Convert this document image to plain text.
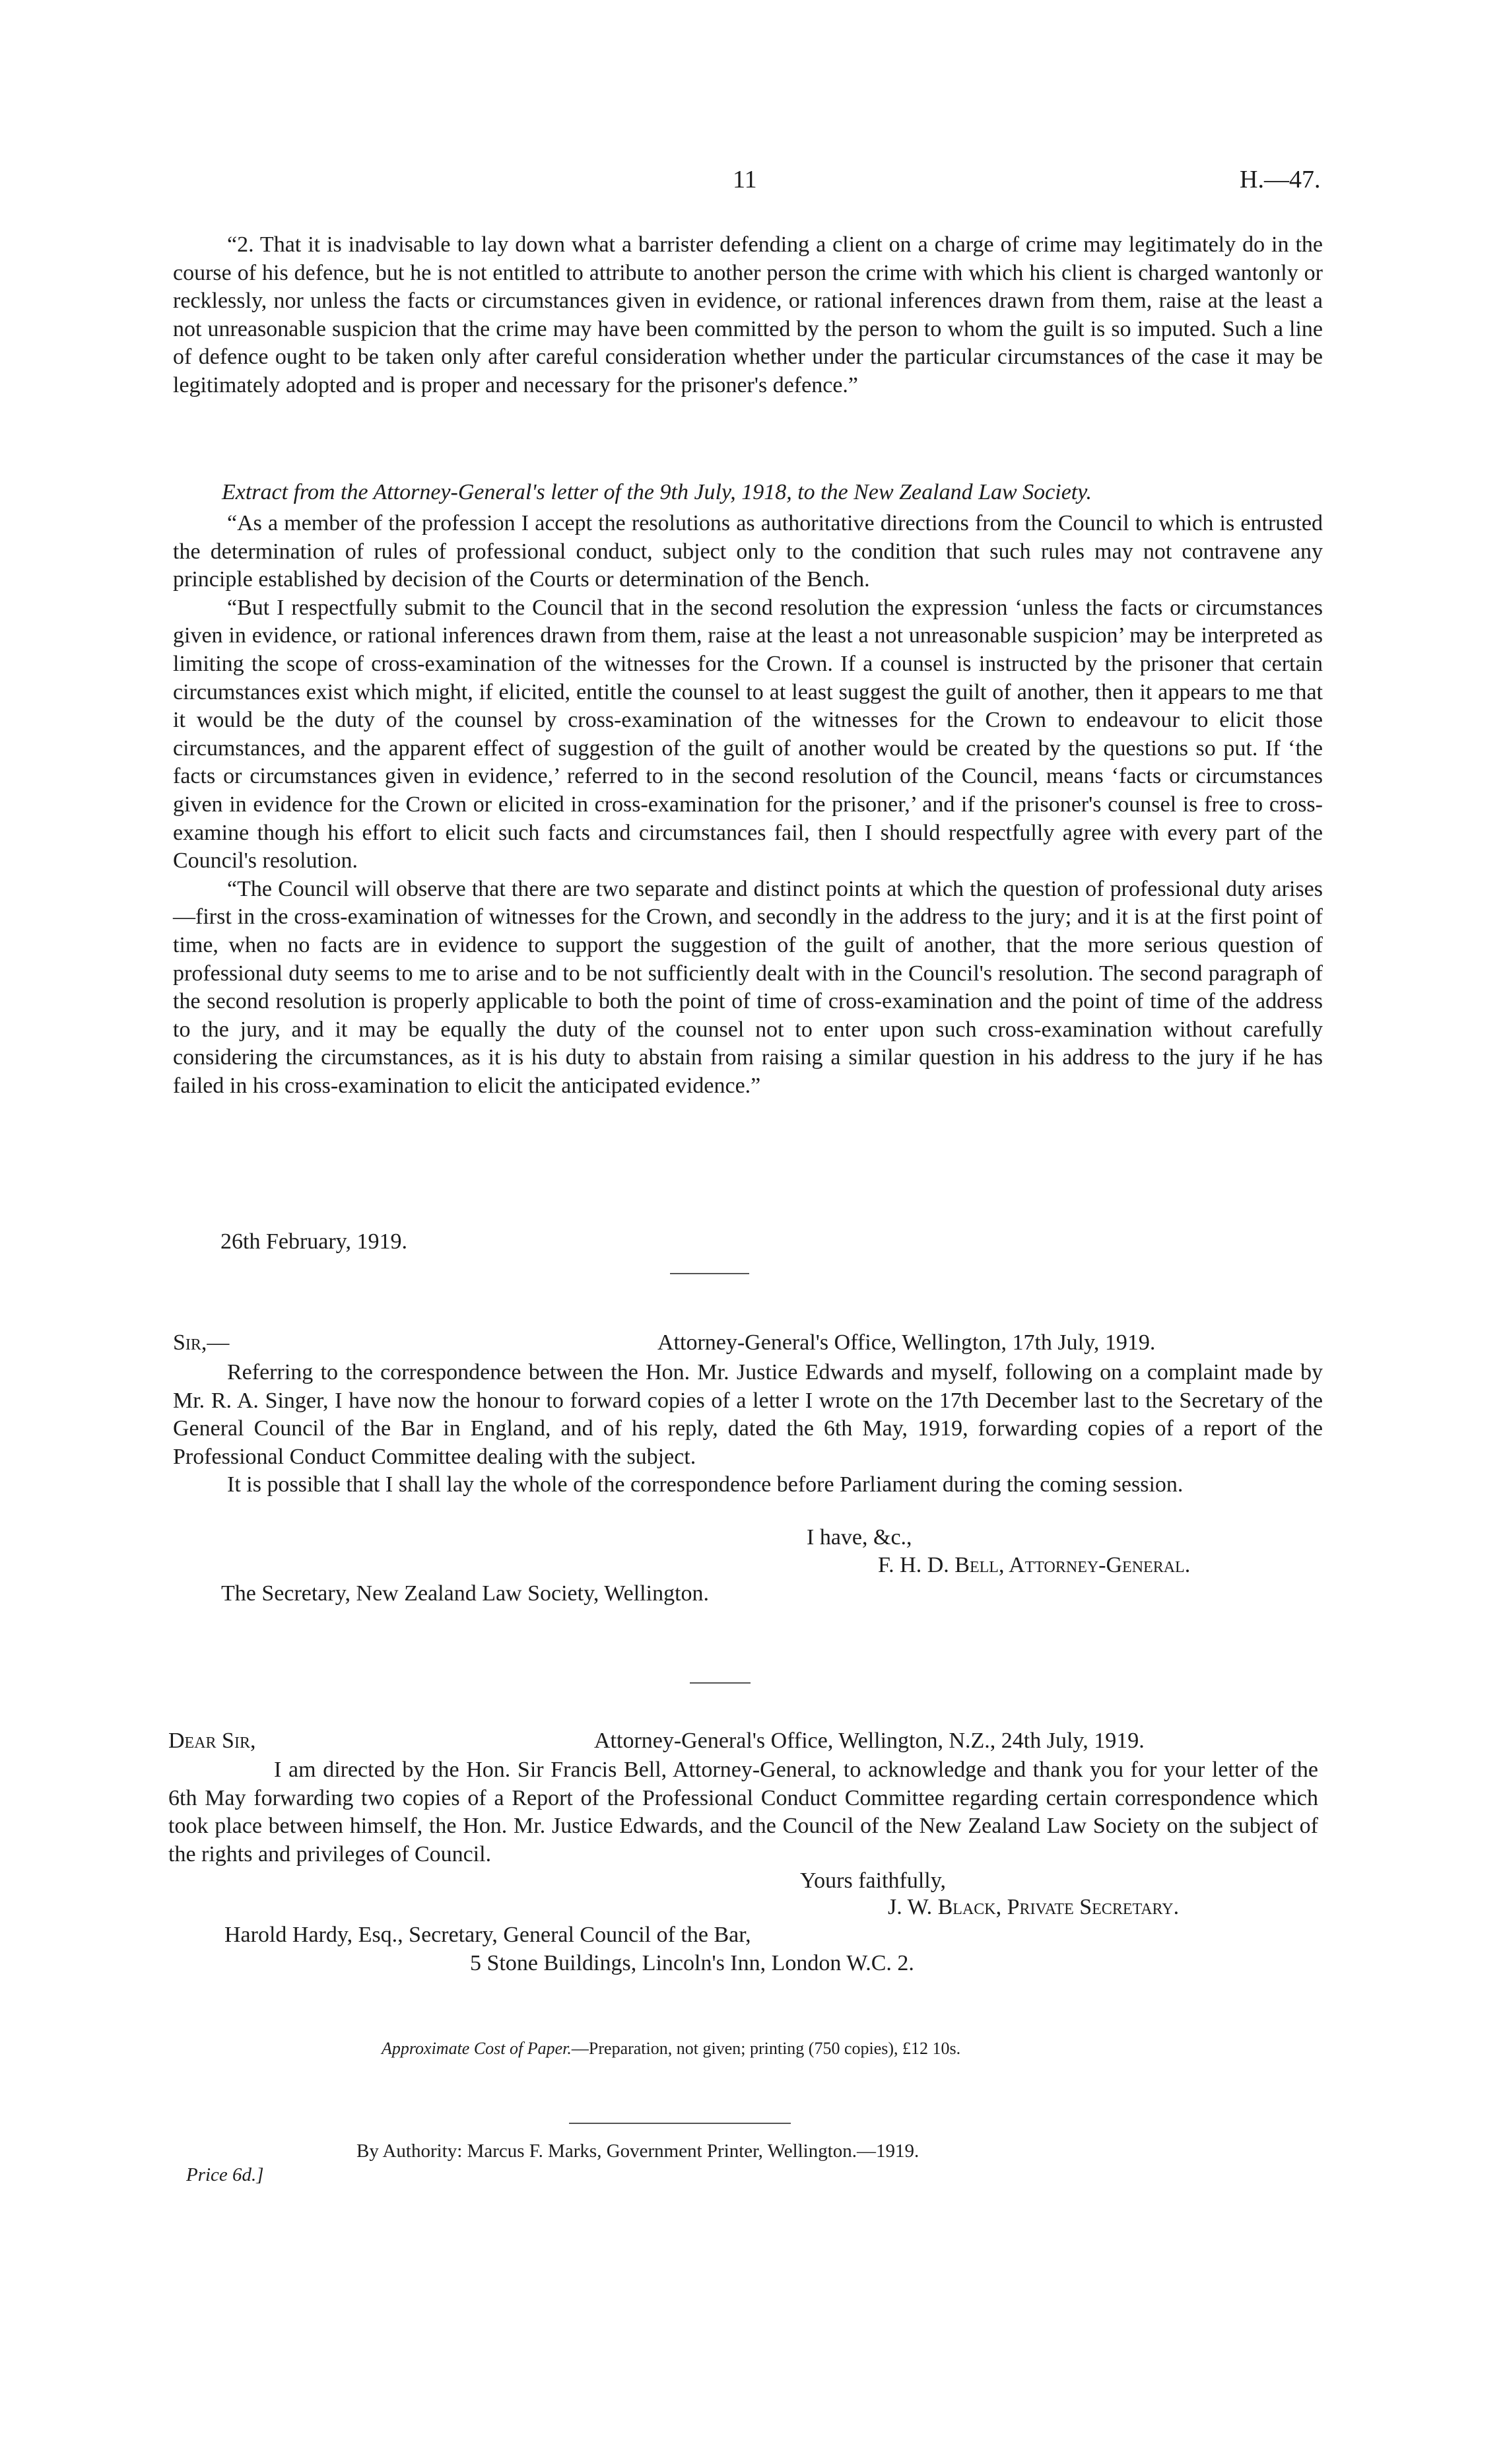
11	H.—47.

“2. That it is inadvisable to lay down what a barrister defending a client on a charge of crime may legitimately do in the course of his defence, but he is not entitled to attribute to another person the crime with which his client is charged wantonly or recklessly, nor unless the facts or circumstances given in evidence, or rational inferences drawn from them, raise at the least a not unreasonable suspicion that the crime may have been committed by the person to whom the guilt is so imputed. Such a line of defence ought to be taken only after careful consideration whether under the particular circumstances of the case it may be legitimately adopted and is proper and necessary for the prisoner's defence.”

Extract from the Attorney-General's letter of the 9th July, 1918, to the New Zealand Law Society.

“As a member of the profession I accept the resolutions as authoritative directions from the Council to which is entrusted the determination of rules of professional conduct, subject only to the condition that such rules may not contravene any principle established by decision of the Courts or determination of the Bench.

“But I respectfully submit to the Council that in the second resolution the expression ‘unless the facts or circumstances given in evidence, or rational inferences drawn from them, raise at the least a not unreasonable suspicion’ may be interpreted as limiting the scope of cross-examination of the witnesses for the Crown. If a counsel is instructed by the prisoner that certain circumstances exist which might, if elicited, entitle the counsel to at least suggest the guilt of another, then it appears to me that it would be the duty of the counsel by cross-examination of the witnesses for the Crown to endeavour to elicit those circumstances, and the apparent effect of suggestion of the guilt of another would be created by the questions so put. If ‘the facts or circumstances given in evidence,’ referred to in the second resolution of the Council, means ‘facts or circumstances given in evidence for the Crown or elicited in cross-examination for the prisoner,’ and if the prisoner's counsel is free to cross-examine though his effort to elicit such facts and circumstances fail, then I should respectfully agree with every part of the Council's resolution.

“The Council will observe that there are two separate and distinct points at which the question of professional duty arises—first in the cross-examination of witnesses for the Crown, and secondly in the address to the jury; and it is at the first point of time, when no facts are in evidence to support the suggestion of the guilt of another, that the more serious question of professional duty seems to me to arise and to be not sufficiently dealt with in the Council's resolution. The second paragraph of the second resolution is properly applicable to both the point of time of cross-examination and the point of time of the address to the jury, and it may be equally the duty of the counsel not to enter upon such cross-examination without carefully considering the circumstances, as it is his duty to abstain from raising a similar question in his address to the jury if he has failed in his cross-examination to elicit the anticipated evidence.”

26th February, 1919.
Sir,—	Attorney-General's Office, Wellington, 17th July, 1919.

Referring to the correspondence between the Hon. Mr. Justice Edwards and myself, following on a complaint made by Mr. R. A. Singer, I have now the honour to forward copies of a letter I wrote on the 17th December last to the Secretary of the General Council of the Bar in England, and of his reply, dated the 6th May, 1919, forwarding copies of a report of the Professional Conduct Committee dealing with the subject.

It is possible that I shall lay the whole of the correspondence before Parliament during the coming session.

I have, &c.,
F. H. D. Bell, Attorney-General.
The Secretary, New Zealand Law Society, Wellington.
Dear Sir,	Attorney-General's Office, Wellington, N.Z., 24th July, 1919.

I am directed by the Hon. Sir Francis Bell, Attorney-General, to acknowledge and thank you for your letter of the 6th May forwarding two copies of a Report of the Professional Conduct Committee regarding certain correspondence which took place between himself, the Hon. Mr. Justice Edwards, and the Council of the New Zealand Law Society on the subject of the rights and privileges of Council.

Yours faithfully,
J. W. Black, Private Secretary.
Harold Hardy, Esq., Secretary, General Council of the Bar,
5 Stone Buildings, Lincoln's Inn, London W.C. 2.
Approximate Cost of Paper.—Preparation, not given; printing (750 copies), £12 10s.
By Authority: Marcus F. Marks, Government Printer, Wellington.—1919.
Price 6d.]
